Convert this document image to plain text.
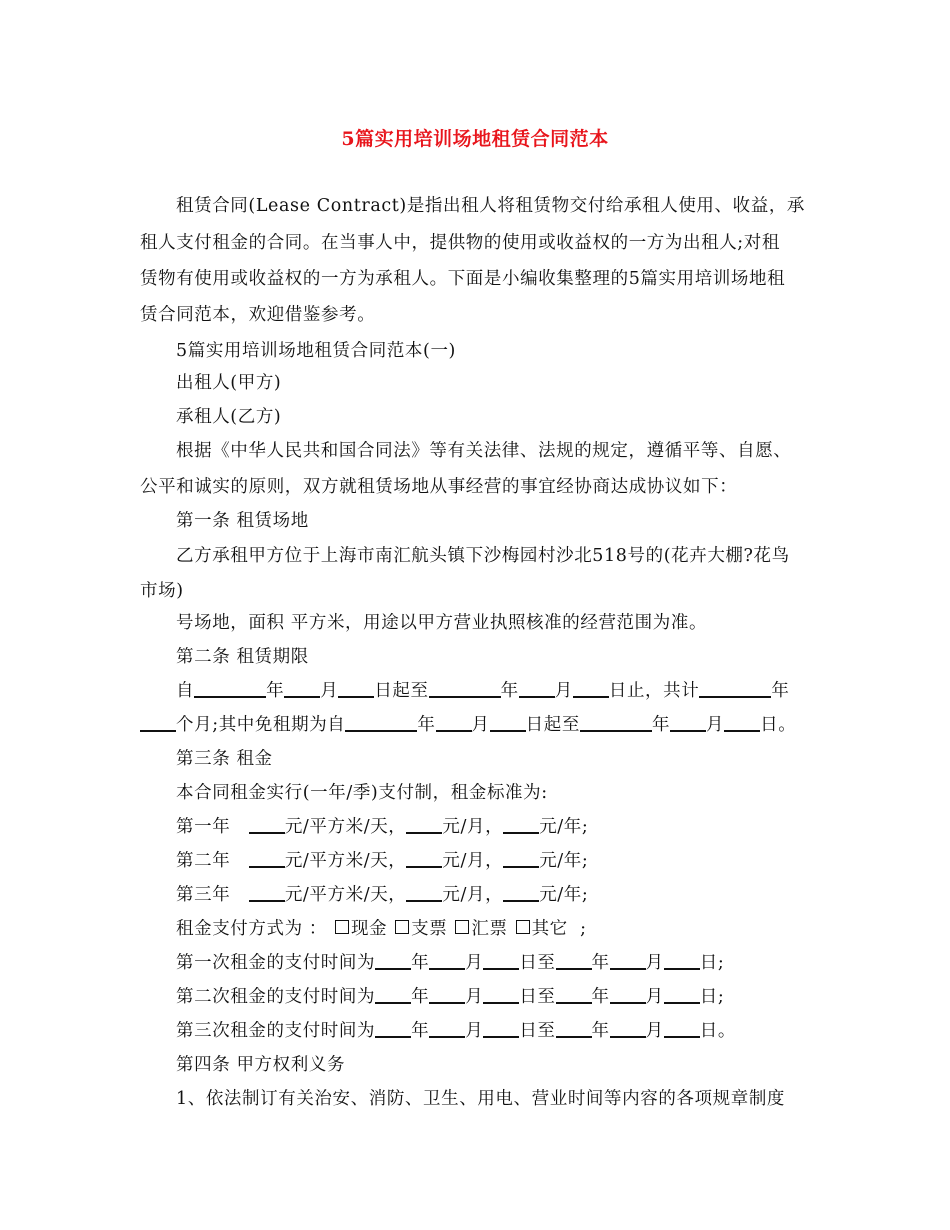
5篇实用培训场地租赁合同范本
租赁合同(Lease Contract)是指出租人将租赁物交付给承租人使用、收益，承
租人支付租金的合同。在当事人中，提供物的使用或收益权的一方为出租人;对租
赁物有使用或收益权的一方为承租人。下面是小编收集整理的5篇实用培训场地租
赁合同范本，欢迎借鉴参考。
5篇实用培训场地租赁合同范本(一)
出租人(甲方)
承租人(乙方)
根据《中华人民共和国合同法》等有关法律、法规的规定，遵循平等、自愿、
公平和诚实的原则，双方就租赁场地从事经营的事宜经协商达成协议如下：
第一条 租赁场地
乙方承租甲方位于上海市南汇航头镇下沙梅园村沙北518号的(花卉大棚?花鸟
市场)
号场地，面积 平方米，用途以甲方营业执照核准的经营范围为准。
第二条 租赁期限
自	年 月 日起至	年 月 日止，共计	年
个月;其中免租期为自	年 月 日起至	年 月 日。
第三条 租金
本合同租金实行(一年/季)支付制，租金标准为:
第一年	元/平方米/天， 元/月， 元/年;
第二年	元/平方米/天， 元/月， 元/年;
第三年	元/平方米/天， 元/月， 元/年;
租金支付方式为 ： 现金 支票 汇票 其它 ;
第一次租金的支付时间为 年 月 日至 年 月 日;
第二次租金的支付时间为 年 月 日至 年 月 日;
第三次租金的支付时间为 年 月 日至 年 月 日。
第四条 甲方权利义务
1、依法制订有关治安、消防、卫生、用电、营业时间等内容的各项规章制度
